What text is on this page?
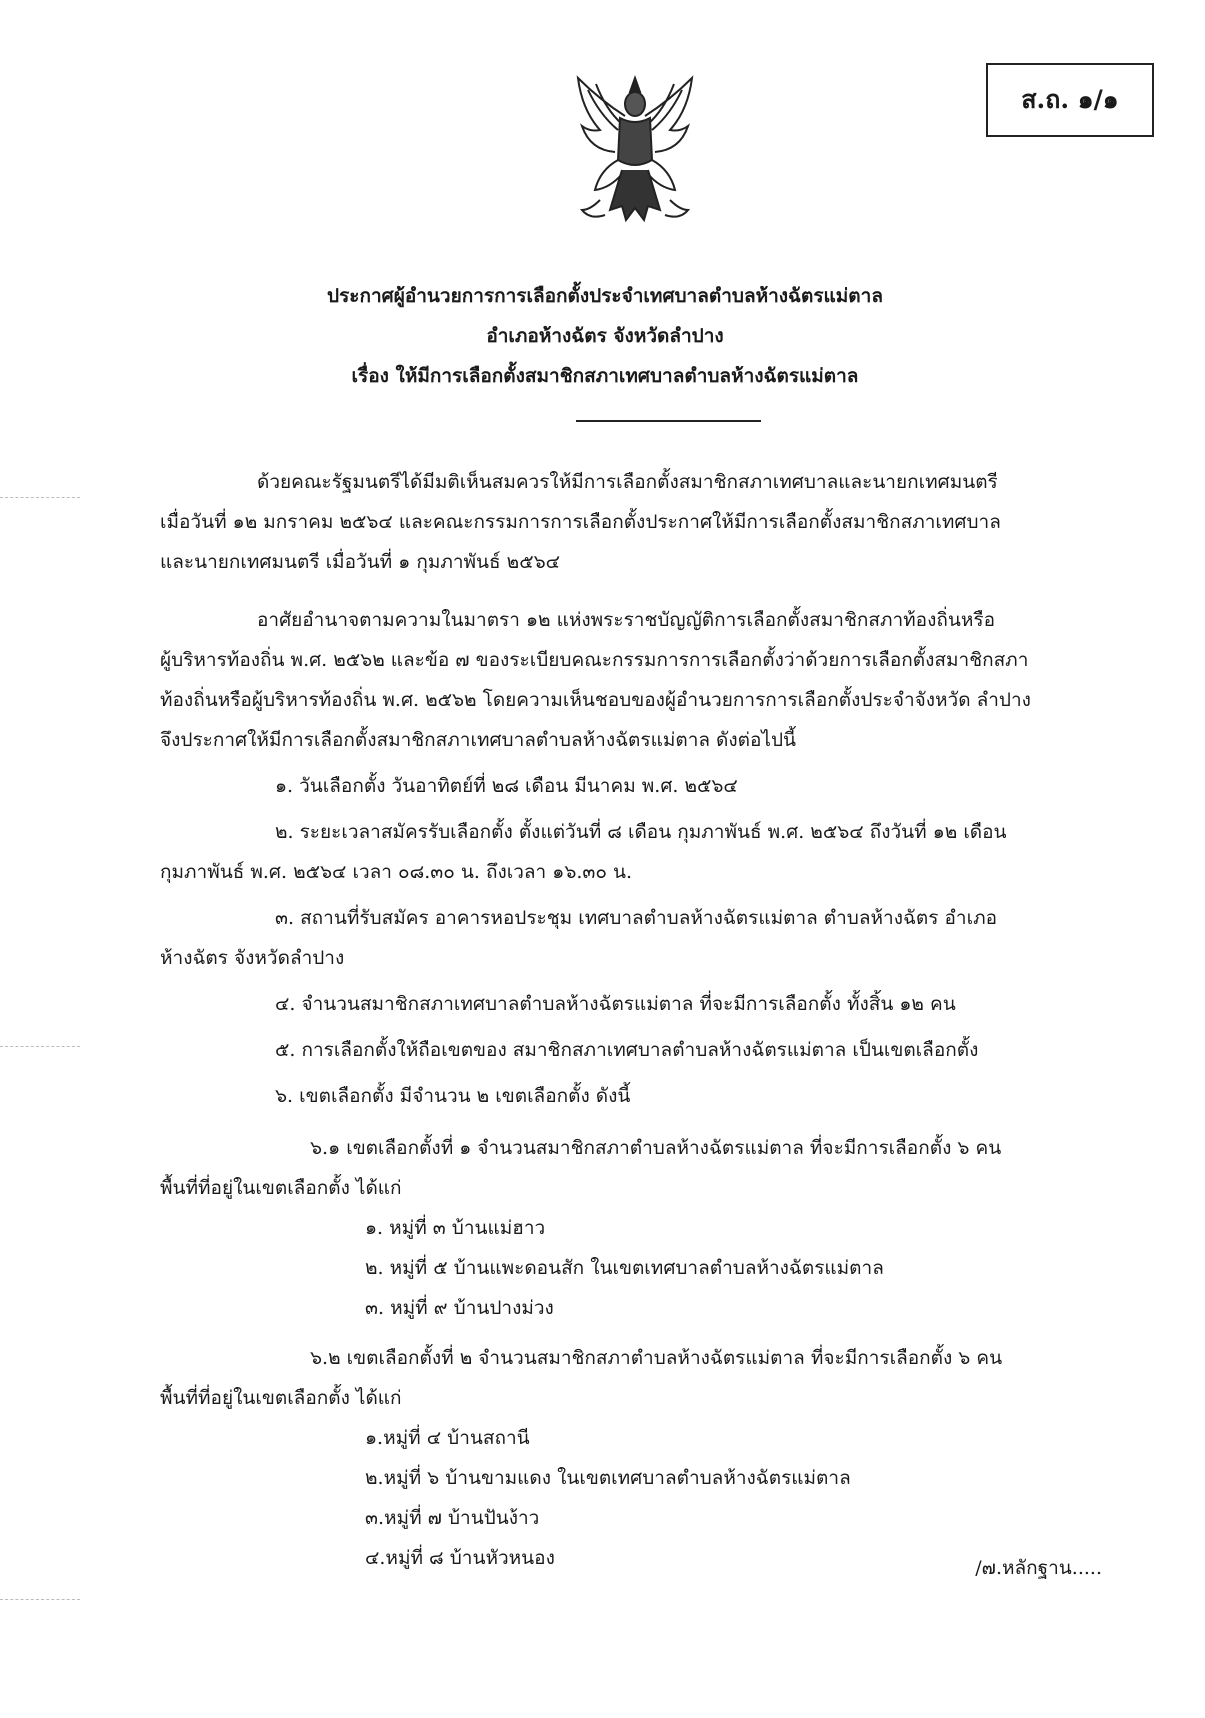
ส.ถ. ๑/๑
ประกาศผู้อำนวยการการเลือกตั้งประจำเทศบาลตำบลห้างฉัตรแม่ตาล
อำเภอห้างฉัตร จังหวัดลำปาง
เรื่อง ให้มีการเลือกตั้งสมาชิกสภาเทศบาลตำบลห้างฉัตรแม่ตาล
ด้วยคณะรัฐมนตรีได้มีมติเห็นสมควรให้มีการเลือกตั้งสมาชิกสภาเทศบาลและนายกเทศมนตรี
เมื่อวันที่ ๑๒ มกราคม ๒๕๖๔ และคณะกรรมการการเลือกตั้งประกาศให้มีการเลือกตั้งสมาชิกสภาเทศบาล
และนายกเทศมนตรี เมื่อวันที่ ๑ กุมภาพันธ์ ๒๕๖๔
อาศัยอำนาจตามความในมาตรา ๑๒ แห่งพระราชบัญญัติการเลือกตั้งสมาชิกสภาท้องถิ่นหรือ
ผู้บริหารท้องถิ่น พ.ศ. ๒๕๖๒ และข้อ ๗ ของระเบียบคณะกรรมการการเลือกตั้งว่าด้วยการเลือกตั้งสมาชิกสภา
ท้องถิ่นหรือผู้บริหารท้องถิ่น พ.ศ. ๒๕๖๒ โดยความเห็นชอบของผู้อำนวยการการเลือกตั้งประจำจังหวัด ลำปาง
จึงประกาศให้มีการเลือกตั้งสมาชิกสภาเทศบาลตำบลห้างฉัตรแม่ตาล ดังต่อไปนี้
๑. วันเลือกตั้ง วันอาทิตย์ที่ ๒๘ เดือน มีนาคม พ.ศ. ๒๕๖๔
๒. ระยะเวลาสมัครรับเลือกตั้ง ตั้งแต่วันที่ ๘ เดือน กุมภาพันธ์ พ.ศ. ๒๕๖๔ ถึงวันที่ ๑๒ เดือน
กุมภาพันธ์ พ.ศ. ๒๕๖๔ เวลา ๐๘.๓๐ น. ถึงเวลา ๑๖.๓๐ น.
๓. สถานที่รับสมัคร อาคารหอประชุม เทศบาลตำบลห้างฉัตรแม่ตาล ตำบลห้างฉัตร อำเภอ
ห้างฉัตร จังหวัดลำปาง
๔. จำนวนสมาชิกสภาเทศบาลตำบลห้างฉัตรแม่ตาล ที่จะมีการเลือกตั้ง ทั้งสิ้น ๑๒ คน
๕. การเลือกตั้งให้ถือเขตของ สมาชิกสภาเทศบาลตำบลห้างฉัตรแม่ตาล เป็นเขตเลือกตั้ง
๖. เขตเลือกตั้ง มีจำนวน ๒ เขตเลือกตั้ง ดังนี้
๖.๑ เขตเลือกตั้งที่ ๑ จำนวนสมาชิกสภาตำบลห้างฉัตรแม่ตาล ที่จะมีการเลือกตั้ง ๖ คน
พื้นที่ที่อยู่ในเขตเลือกตั้ง ได้แก่
๑. หมู่ที่ ๓ บ้านแม่ฮาว
๒. หมู่ที่ ๕ บ้านแพะดอนสัก ในเขตเทศบาลตำบลห้างฉัตรแม่ตาล
๓. หมู่ที่ ๙ บ้านปางม่วง
๖.๒ เขตเลือกตั้งที่ ๒ จำนวนสมาชิกสภาตำบลห้างฉัตรแม่ตาล ที่จะมีการเลือกตั้ง ๖ คน
พื้นที่ที่อยู่ในเขตเลือกตั้ง ได้แก่
๑.หมู่ที่ ๔ บ้านสถานี
๒.หมู่ที่ ๖ บ้านขามแดง ในเขตเทศบาลตำบลห้างฉัตรแม่ตาล
๓.หมู่ที่ ๗ บ้านปันง้าว
๔.หมู่ที่ ๘ บ้านหัวหนอง	/๗.หลักฐาน.....
